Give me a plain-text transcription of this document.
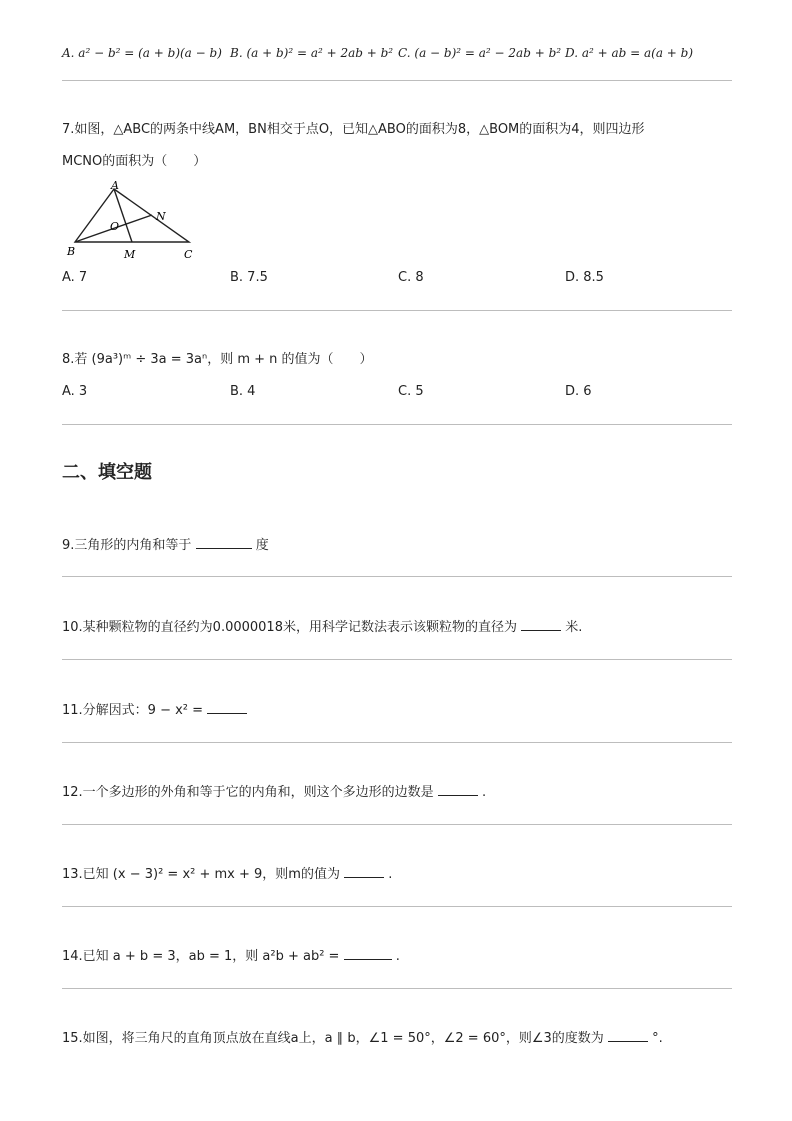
A. a² − b² = (a + b)(a − b) B. (a + b)² = a² + 2ab + b² C. (a − b)² = a² − 2ab + b² D. a² + ab = a(a + b)
7.如图，△ABC的两条中线AM，BN相交于点O，已知△ABO的面积为8，△BOM的面积为4，则四边形
MCNO的面积为（　　）
A
B	C
M
N
O
A. 7	B. 7.5	C. 8	D. 8.5
8.若 (9a³)ᵐ ÷ 3a = 3aⁿ，则 m + n 的值为（　　）
A. 3	B. 4	C. 5	D. 6
二、填空题
9.三角形的内角和等于	度
10.某种颗粒物的直径约为0.0000018米，用科学记数法表示该颗粒物的直径为	米.
11.分解因式：9 − x² =
12.一个多边形的外角和等于它的内角和，则这个多边形的边数是	.
13.已知 (x − 3)² = x² + mx + 9，则m的值为	.
14.已知 a + b = 3，ab = 1，则 a²b + ab² =	.
15.如图，将三角尺的直角顶点放在直线a上，a ∥ b，∠1 = 50°，∠2 = 60°，则∠3的度数为	°.
